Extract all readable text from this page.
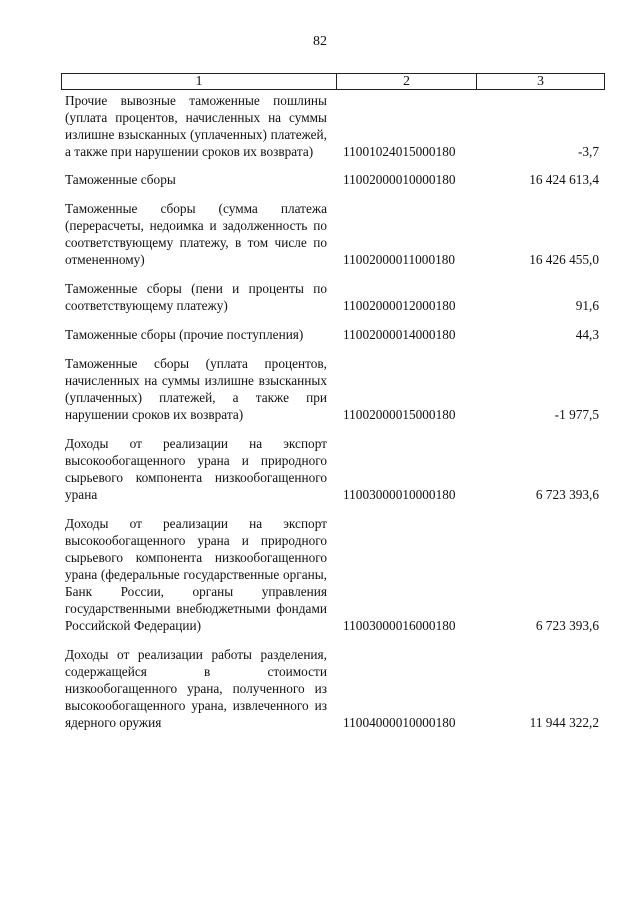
82
1	2	3
Прочие вывозные таможенные пошлины (уплата процентов, начисленных на суммы излишне взысканных (уплаченных) платежей, а также при нарушении сроков их возврата)	11001024015000180	-3,7
Таможенные сборы	11002000010000180	16 424 613,4
Таможенные сборы (сумма платежа (перерасчеты, недоимка и задолженность по соответствующему платежу, в том числе по отмененному)	11002000011000180	16 426 455,0
Таможенные сборы (пени и проценты по соответствующему платежу)	11002000012000180	91,6
Таможенные сборы (прочие поступления)	11002000014000180	44,3
Таможенные сборы (уплата процентов, начисленных на суммы излишне взысканных (уплаченных) платежей, а также при нарушении сроков их возврата)	11002000015000180	-1 977,5
Доходы от реализации на экспорт высокообогащенного урана и природного сырьевого компонента низкообогащенного урана	11003000010000180	6 723 393,6
Доходы от реализации на экспорт высокообогащенного урана и природного сырьевого компонента низкообогащенного урана (федеральные государственные органы, Банк России, органы управления государственными внебюджетными фондами Российской Федерации)	11003000016000180	6 723 393,6
Доходы от реализации работы разделения, содержащейся в стоимости низкообогащенного урана, полученного из высокообогащенного урана, извлеченного из ядерного оружия	11004000010000180	11 944 322,2
